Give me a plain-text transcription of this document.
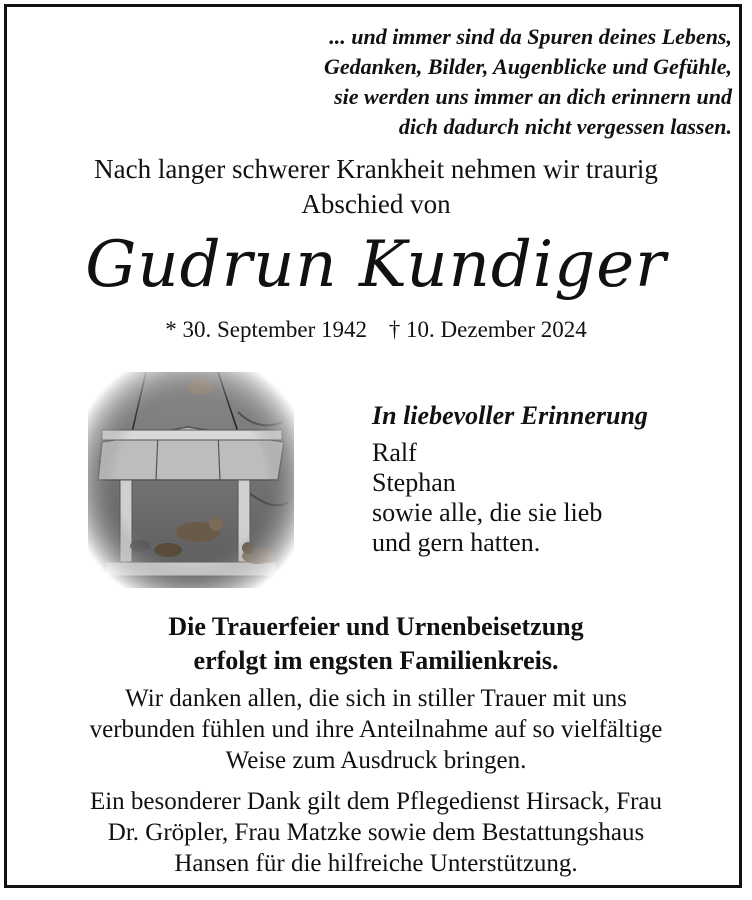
... und immer sind da Spuren deines Lebens,
Gedanken, Bilder, Augenblicke und Gefühle,
sie werden uns immer an dich erinnern und
dich dadurch nicht vergessen lassen.
Nach langer schwerer Krankheit nehmen wir traurig
Abschied von
Gudrun Kundiger
* 30. September 1942 † 10. Dezember 2024
In liebevoller Erinnerung
Ralf
Stephan
sowie alle, die sie lieb
und gern hatten.
Die Trauerfeier und Urnenbeisetzung
erfolgt im engsten Familienkreis.
Wir danken allen, die sich in stiller Trauer mit uns
verbunden fühlen und ihre Anteilnahme auf so vielfältige
Weise zum Ausdruck bringen.
Ein besonderer Dank gilt dem Pflegedienst Hirsack, Frau
Dr. Gröpler, Frau Matzke sowie dem Bestattungshaus
Hansen für die hilfreiche Unterstützung.
